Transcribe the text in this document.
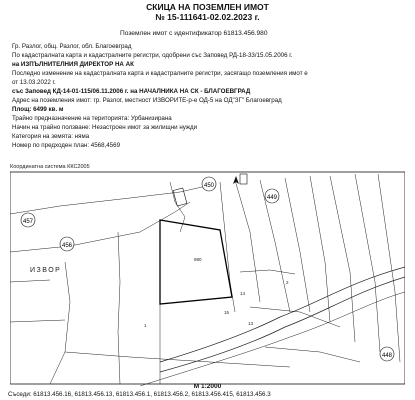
СКИЦА НА ПОЗЕМЛЕН ИМОТ
№ 15-111641-02.02.2023 г.
Поземлен имот с идентификатор 61813.456.980
Гр. Разлог, общ. Разлог, обл. Благоевград
По кадастралната карта и кадастралните регистри, одобрени със Заповед РД-18-33/15.05.2006 г.
на ИЗПЪЛНИТЕЛНИЯ ДИРЕКТОР НА АК
Последно изменение на кадастралната карта и кадастралните регистри, засягащо поземления имот е
от 13.03.2022 г.
със Заповед КД-14-01-115/06.11.2006 г. на НАЧАЛНИКА НА СК - БЛАГОЕВГРАД
Адрес на поземления имот: гр. Разлог, местност ИЗВОРИТЕ-р-е ОД-5 на ОД"ЗГ" Благоевград
Площ: 6499 кв. м
Трайно предназначение на територията: Урбанизирана
Начин на трайно ползване: Незастроен имот за жилищни нужди
Категория на земята: няма
Номер по предходен план: 4568,4569
Координатна система ККС2005
450
449
457
456
448
980
15
13
14
1
2
ИЗВОР
М 1:2000
Съседи: 61813.456.16, 61813.456.13, 61813.456.1, 61813.456.2, 61813.456.415, 61813.456.3
